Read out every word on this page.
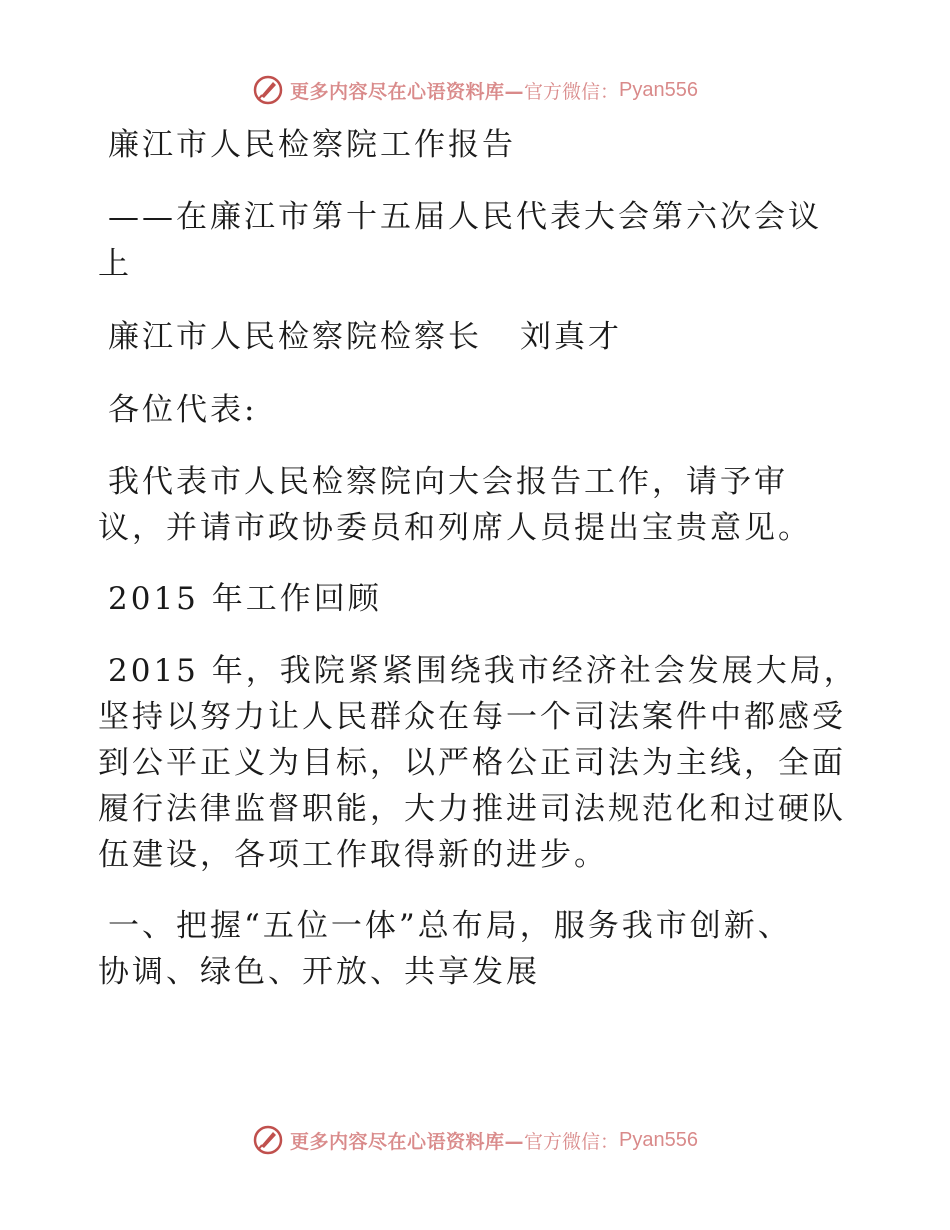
更多内容尽在心语资料库— 官方微信： Pyan556

廉江市人民检察院工作报告

——在廉江市第十五届人民代表大会第六次会议

上

廉江市人民检察院检察长 刘真才

各位代表:

我代表市人民检察院向大会报告工作，请予审

议，并请市政协委员和列席人员提出宝贵意见。

2015 年工作回顾

2015 年，我院紧紧围绕我市经济社会发展大局，

坚持以努力让人民群众在每一个司法案件中都感受

到公平正义为目标，以严格公正司法为主线，全面

履行法律监督职能，大力推进司法规范化和过硬队

伍建设，各项工作取得新的进步。

一、把握“五位一体”总布局，服务我市创新、

协调、绿色、开放、共享发展

更多内容尽在心语资料库— 官方微信： Pyan556
